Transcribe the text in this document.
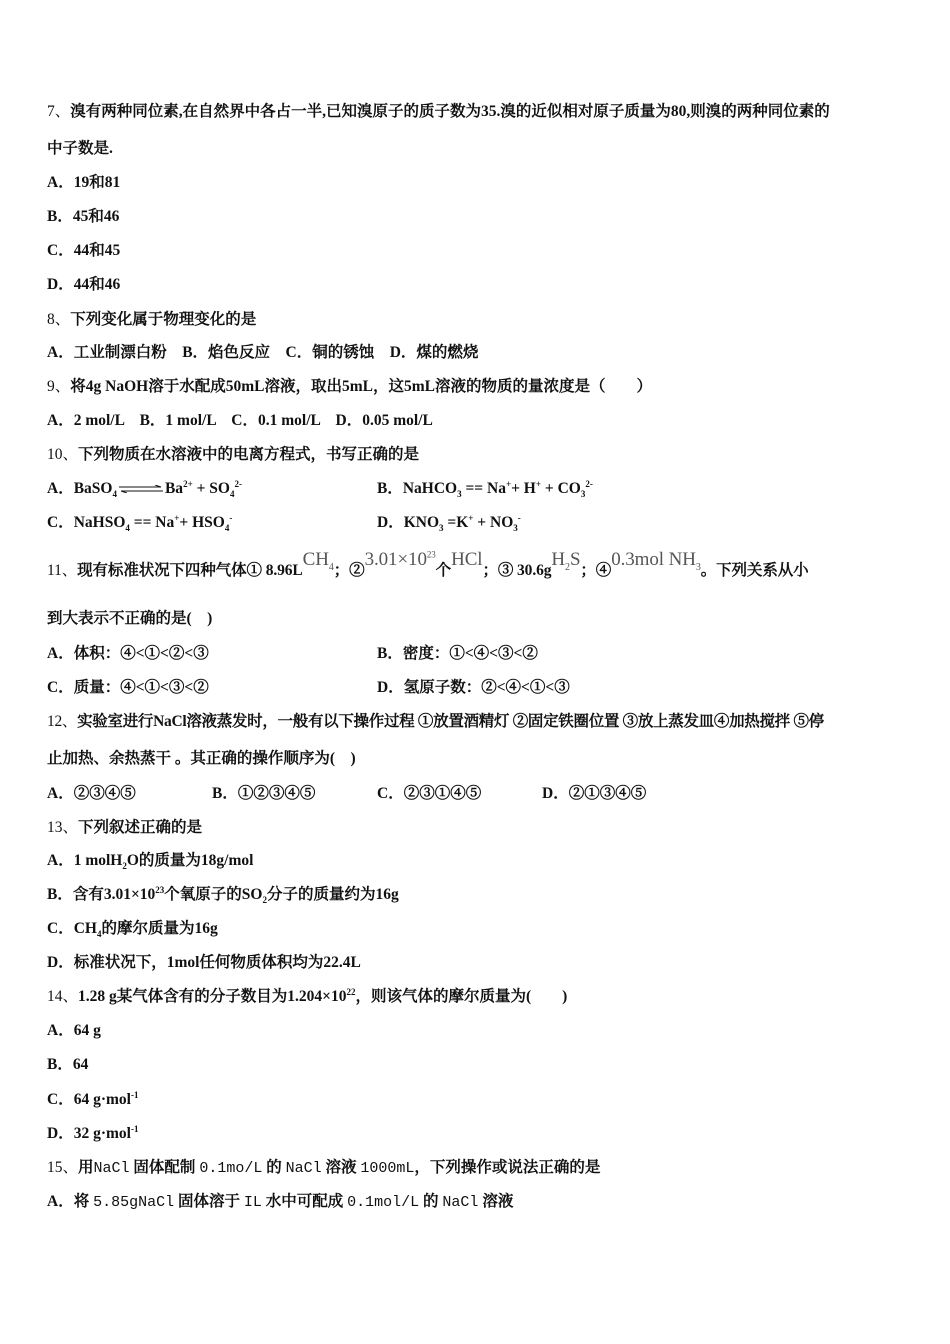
7、溴有两种同位素,在自然界中各占一半,已知溴原子的质子数为35.溴的近似相对原子质量为80,则溴的两种同位素的
中子数是.
A．19和81
B．45和46
C．44和45
D．44和46
8、下列变化属于物理变化的是
A．工业制漂白粉　B．焰色反应　C．铜的锈蚀　D．煤的燃烧
9、将4g NaOH溶于水配成50mL溶液，取出5mL，这5mL溶液的物质的量浓度是（　　）
A．2 mol/L　B．1 mol/L　C．0.1 mol/L　D．0.05 mol/L
10、下列物质在水溶液中的电离方程式，书写正确的是
A．BaSO$_4$ ⇌ $Ba^{2+} + SO_4^{2-}$	B．NaHCO$_3$ == $Na^++ H^+ + CO_3^{2-}$
C．NaHSO$_4$ == $Na^++ HSO_4^-$	D．$KNO_3 =K^+ + NO_3^-$
11、现有标准状况下四种气体① $8.96LCH_4$；$②3.01\times 10^{23}$个HCl；③ $30.6gH_2S$；④0.3mol $NH_3$。下列关系从小
到大表示不正确的是(　)
A．体积：④<①<②<③	B．密度：①<④<③<②
C．质量：④<①<③<②	D．氢原子数：②<④<①<③
12、实验室进行NaCl溶液蒸发时，一般有以下操作过程 ①放置酒精灯 ②固定铁圈位置 ③放上蒸发皿④加热搅拌 ⑤停
止加热、余热蒸干 。其正确的操作顺序为(　)
A．②③④⑤	B．①②③④⑤	C．②③①④⑤	D．②①③④⑤
13、下列叙述正确的是
A．1 molH$_2$O的质量为18g/mol
B．含有$3.01\times 10^{23}$个氧原子的$SO_2$分子的质量约为16g
C．$CH_4$的摩尔质量为16g
D．标准状况下，1mol任何物质体积均为22.4L
14、1.28 g某气体含有的分子数目为$1.204\times 10^{22}$，则该气体的摩尔质量为(　　)
A．64 g
B．64
C．64 g·mol$^{-1}$
D．32 g·mol$^{-1}$
15、用NaCl 固体配制 0.1mo/L 的 NaCl 溶液 1000mL，下列操作或说法正确的是
A．将 5.85gNaCl 固体溶于 IL 水中可配成 0.1mol/L 的 NaCl 溶液
